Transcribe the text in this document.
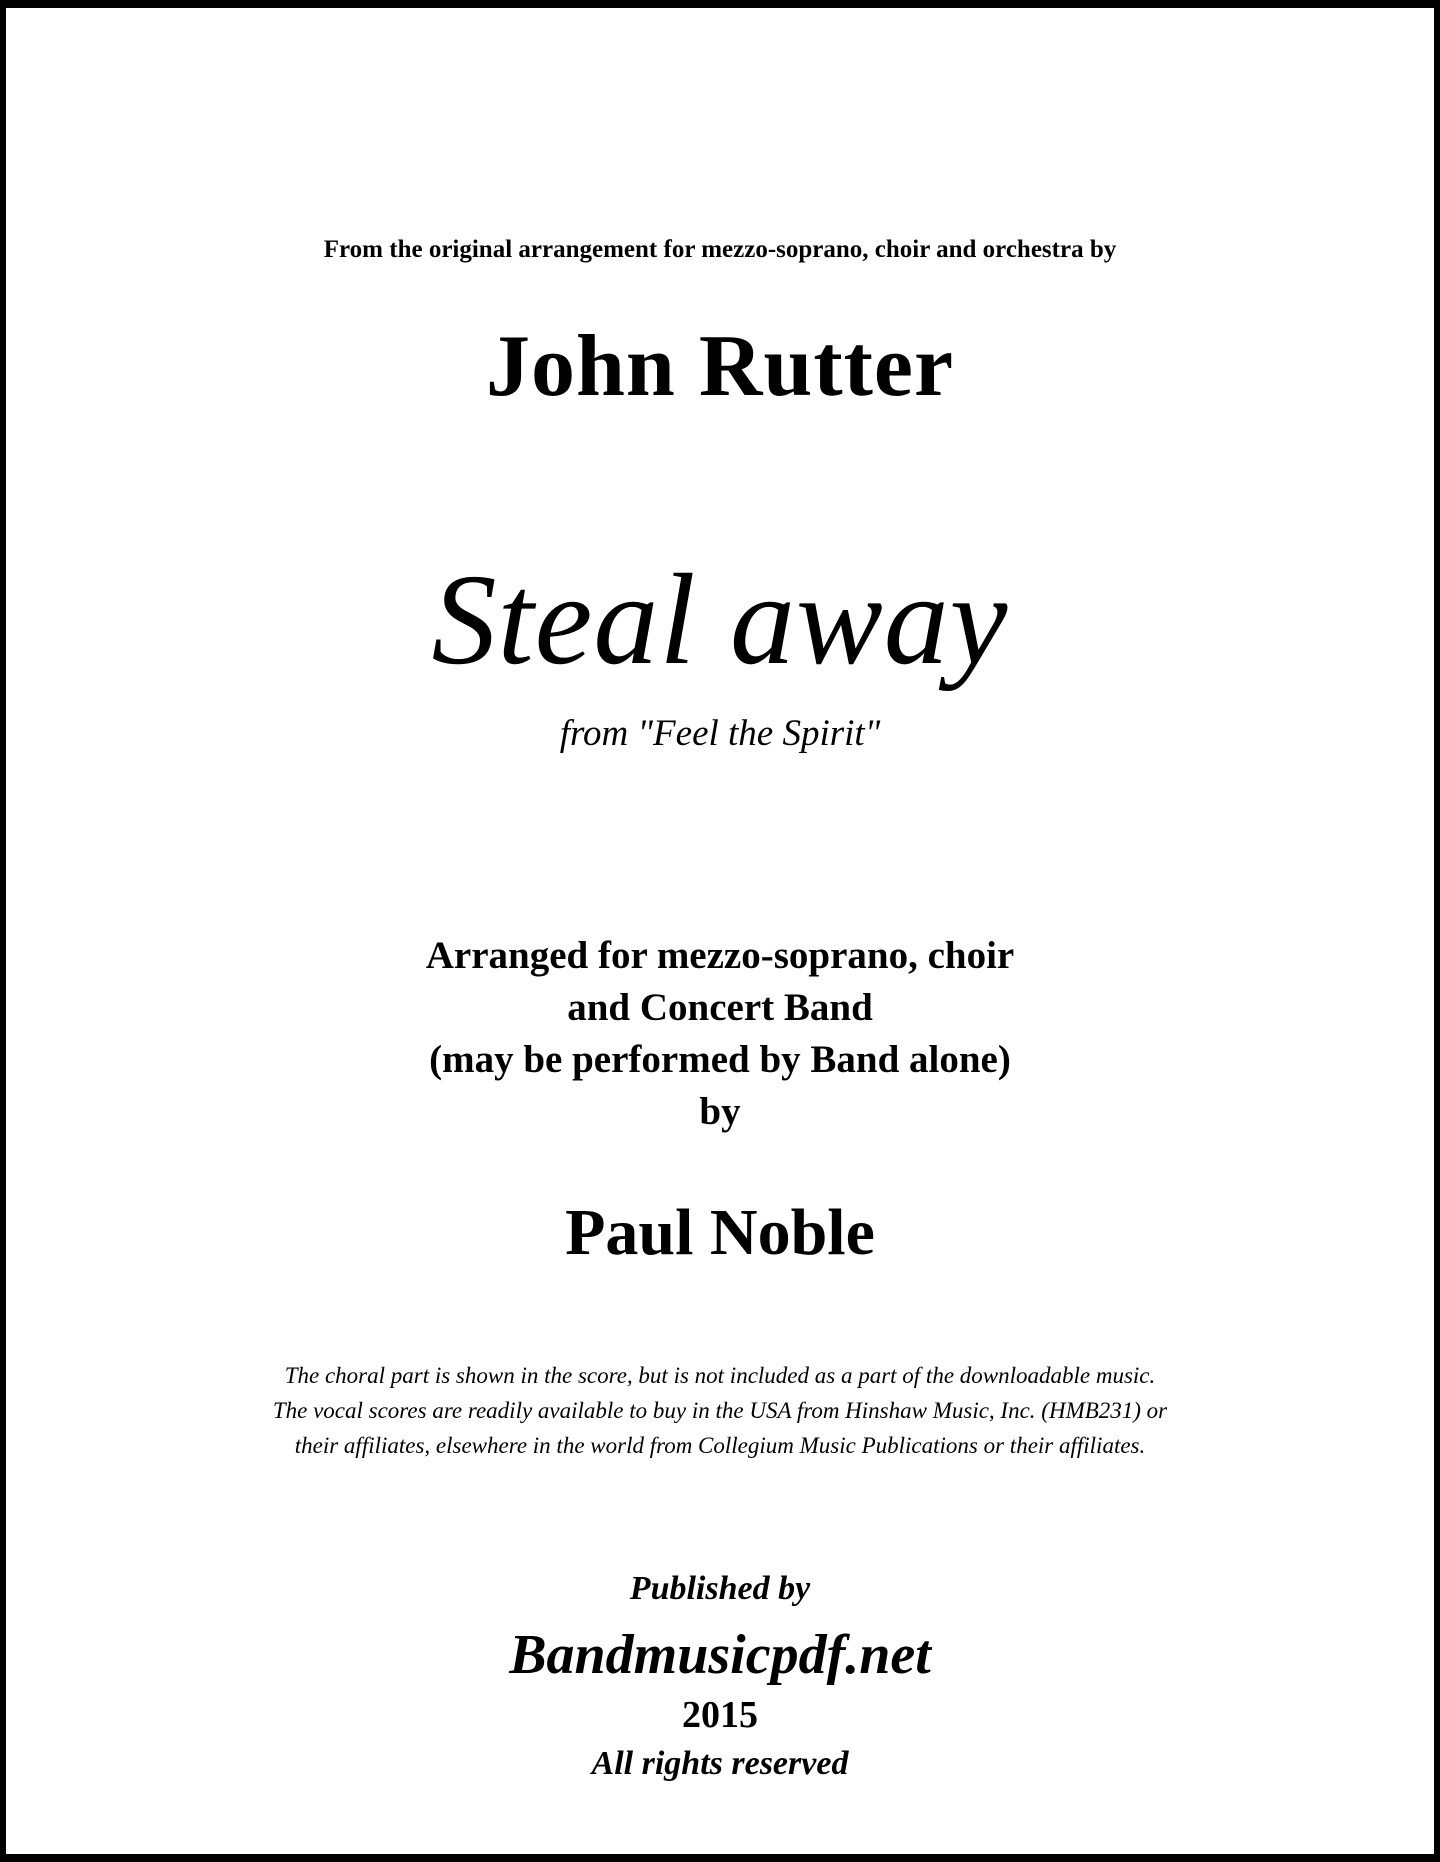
From the original arrangement for mezzo-soprano, choir and orchestra by
John Rutter
Steal away
from "Feel the Spirit"
Arranged for mezzo-soprano, choir
and Concert Band
(may be performed by Band alone)
by
Paul Noble
The choral part is shown in the score, but is not included as a part of the downloadable music.
The vocal scores are readily available to buy in the USA from Hinshaw Music, Inc. (HMB231) or
their affiliates, elsewhere in the world from Collegium Music Publications or their affiliates.
Published by
Bandmusicpdf.net
2015
All rights reserved
